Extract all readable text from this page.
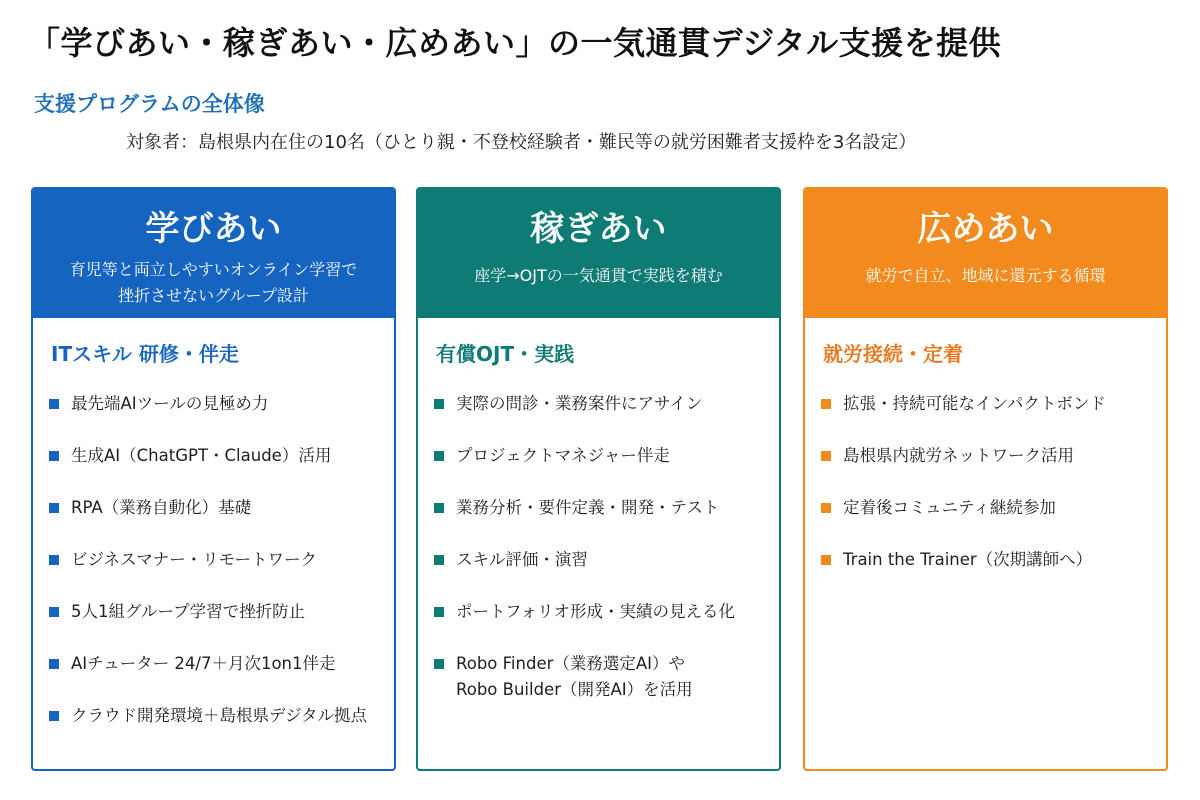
「学びあい・稼ぎあい・広めあい」の一気通貫デジタル支援を提供
支援プログラムの全体像

対象者：島根県内在住の10名（ひとり親・不登校経験者・難民等の就労困難者支援枠を3名設定）

学びあい
育児等と両立しやすいオンライン学習で
挫折させないグループ設計
ITスキル 研修・伴走
最先端AIツールの見極め力
生成AI（ChatGPT・Claude）活用
RPA（業務自動化）基礎
ビジネスマナー・リモートワーク
5人1組グループ学習で挫折防止
AIチューター 24/7＋月次1on1伴走
クラウド開発環境＋島根県デジタル拠点
稼ぎあい
座学→OJTの一気通貫で実践を積む
有償OJT・実践
実際の問診・業務案件にアサイン
プロジェクトマネジャー伴走
業務分析・要件定義・開発・テスト
スキル評価・演習
ポートフォリオ形成・実績の見える化
Robo Finder（業務選定AI）や
Robo Builder（開発AI）を活用
広めあい
就労で自立、地域に還元する循環
就労接続・定着
拡張・持続可能なインパクトボンド
島根県内就労ネットワーク活用
定着後コミュニティ継続参加
Train the Trainer（次期講師へ）
